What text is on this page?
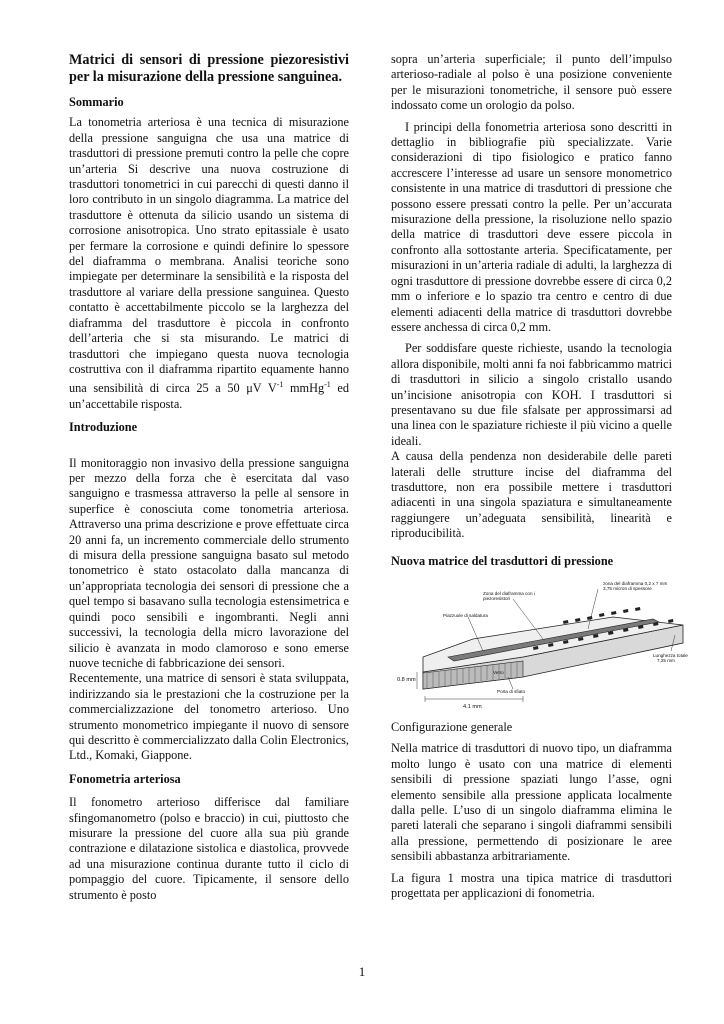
Matrici di sensori di pressione piezoresistivi per la misurazione della pressione sanguinea.
Sommario

La tonometria arteriosa è una tecnica di misurazione della pressione sanguigna che usa una matrice di trasduttori di pressione premuti contro la pelle che copre un’arteria Si descrive una nuova costruzione di trasduttori tonometrici in cui parecchi di questi danno il loro contributo in un singolo diagramma. La matrice del trasduttore è ottenuta da silicio usando un sistema di corrosione anisotropica. Uno strato epitassiale è usato per fermare la corrosione e quindi definire lo spessore del diaframma o membrana. Analisi teoriche sono impiegate per determinare la sensibilità e la risposta del trasduttore al variare della pressione sanguinea. Questo contatto è accettabilmente piccolo se la larghezza del diaframma del trasduttore è piccola in confronto dell’arteria che si sta misurando. Le matrici di trasduttori che impiegano questa nuova tecnologia costruttiva con il diaframma ripartito equamente hanno una sensibilità di circa 25 a 50 μV $V^{-1}$ mmHg$^{-1}$ ed un’accettabile risposta.

Introduzione

Il monitoraggio non invasivo della pressione sanguigna per mezzo della forza che è esercitata dal vaso sanguigno e trasmessa attraverso la pelle al sensore in superfice è conosciuta come tonometria arteriosa. Attraverso una prima descrizione e prove effettuate circa 20 anni fa, un incremento commerciale dello strumento di misura della pressione sanguigna basato sul metodo tonometrico è stato ostacolato dalla mancanza di un’appropriata tecnologia dei sensori di pressione che a quel tempo si basavano sulla tecnologia estensimetrica e quindi poco sensibili e ingombranti. Negli anni successivi, la tecnologia della micro lavorazione del silicio è avanzata in modo clamoroso e sono emerse nuove tecniche di fabbricazione dei sensori.

Recentemente, una matrice di sensori è stata sviluppata, indirizzando sia le prestazioni che la costruzione per la commercializzazione del tonometro arterioso. Uno strumento monometrico impiegante il nuovo di sensore qui descritto è commercializzato dalla Colin Electronics, Ltd., Komaki, Giappone.

Fonometria arteriosa

Il fonometro arterioso differisce dal familiare sfingomanometro (polso e braccio) in cui, piuttosto che misurare la pressione del cuore alla sua più grande contrazione e dilatazione sistolica e diastolica, provvede ad una misurazione continua durante tutto il ciclo di pompaggio del cuore. Tipicamente, il sensore dello strumento è posto

sopra un’arteria superficiale; il punto dell’impulso arterioso-radiale al polso è una posizione conveniente per le misurazioni tonometriche, il sensore può essere indossato come un orologio da polso.

I principi della fonometria arteriosa sono descritti in dettaglio in bibliografie più specializzate. Varie considerazioni di tipo fisiologico e pratico fanno accrescere l’interesse ad usare un sensore monometrico consistente in una matrice di trasduttori di pressione che possono essere pressati contro la pelle. Per un’accurata misurazione della pressione, la risoluzione nello spazio della matrice di trasduttori deve essere piccola in confronto alla sottostante arteria. Specificatamente, per misurazioni in un’arteria radiale di adulti, la larghezza di ogni trasduttore di pressione dovrebbe essere di circa 0,2 mm o inferiore e lo spazio tra centro e centro di due elementi adiacenti della matrice di trasduttori dovrebbe essere anchessa di circa 0,2 mm.

Per soddisfare queste richieste, usando la tecnologia allora disponibile, molti anni fa noi fabbricammo matrici di trasduttori in silicio a singolo cristallo usando un’incisione anisotropia con KOH. I trasduttori si presentavano su due file sfalsate per approssimarsi ad una linea con le spaziature richieste il più vicino a quelle ideali.

A causa della pendenza non desiderabile delle pareti laterali delle strutture incise del diaframma del trasduttore, non era possibile mettere i trasduttori adiacenti in una singola spaziatura e simultaneamente raggiungere un’adeguata sensibilità, linearità e riproducibilità.

Nuova matrice del trasduttori di pressione
zona del diaframma 0,2 x 7 mm
3,75 micron di spessore
Zona del diaframma con i
piezoresistori
Piazzuole di saldatura
Lunghezza totale
7,25 mm
Vetro
Porta di sfiato
0.8 mm
4.1 mm

Configurazione generale

Nella matrice di trasduttori di nuovo tipo, un diaframma molto lungo è usato con una matrice di elementi sensibili di pressione spaziati lungo l’asse, ogni elemento sensibile alla pressione applicata localmente dalla pelle. L’uso di un singolo diaframma elimina le pareti laterali che separano i singoli diaframmi sensibili alla pressione, permettendo di posizionare le aree sensibili abbastanza arbitrariamente.

La figura 1 mostra una tipica matrice di trasduttori progettata per applicazioni di fonometria.

1
